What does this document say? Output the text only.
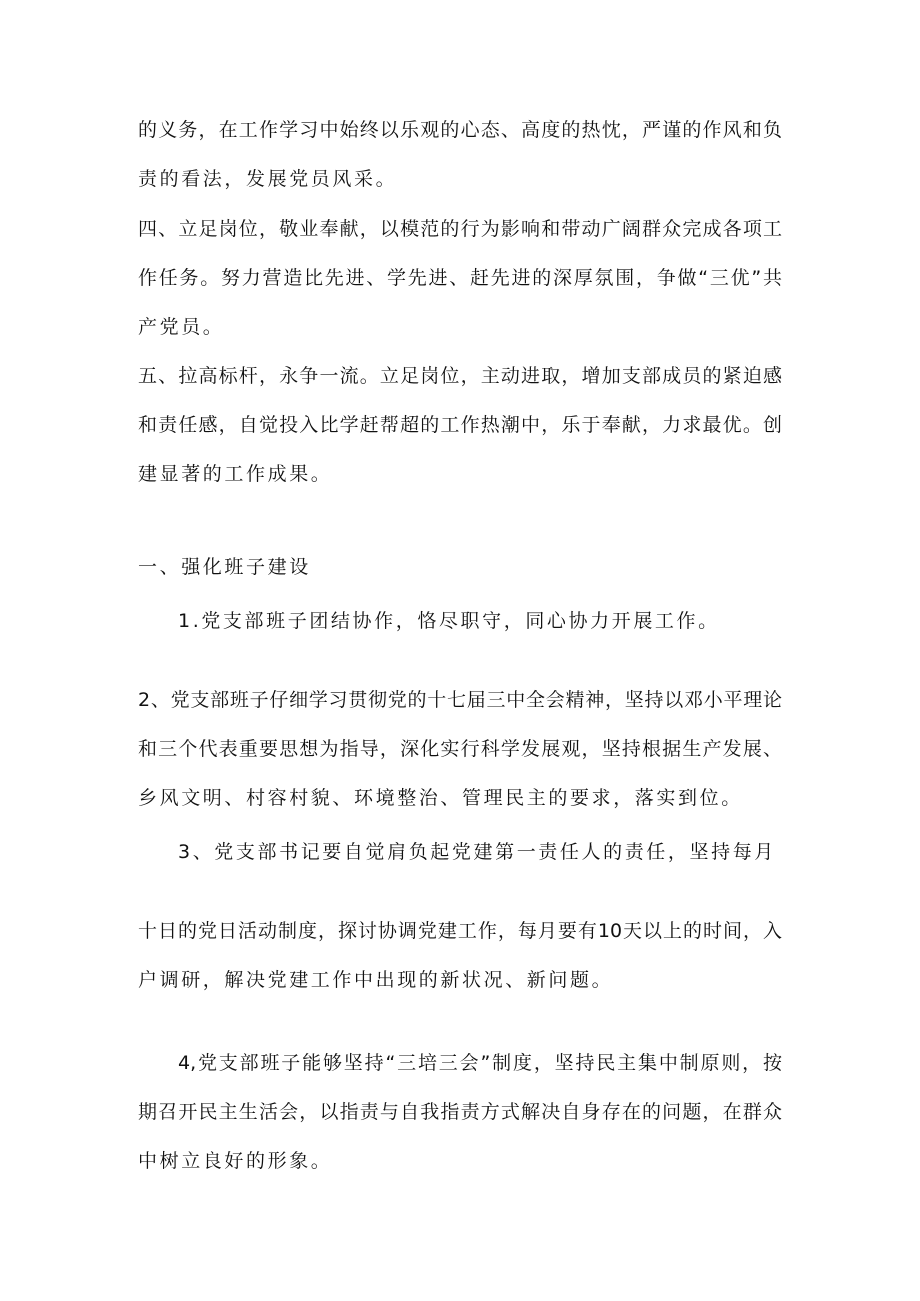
的义务，在工作学习中始终以乐观的心态、高度的热忱，严谨的作风和负
责的看法，发展党员风采。
四、立足岗位，敬业奉献，以模范的行为影响和带动广阔群众完成各项工
作任务。努力营造比先进、学先进、赶先进的深厚氛围，争做“三优”共
产党员。
五、拉高标杆，永争一流。立足岗位，主动进取，增加支部成员的紧迫感
和责任感，自觉投入比学赶帮超的工作热潮中，乐于奉献，力求最优。创
建显著的工作成果。
一、强化班子建设
1.党支部班子团结协作，恪尽职守，同心协力开展工作。
2、党支部班子仔细学习贯彻党的十七届三中全会精神，坚持以邓小平理论
和三个代表重要思想为指导，深化实行科学发展观，坚持根据生产发展、
乡风文明、村容村貌、环境整治、管理民主的要求，落实到位。
3、党支部书记要自觉肩负起党建第一责任人的责任，坚持每月
十日的党日活动制度，探讨协调党建工作，每月要有10天以上的时间，入
户调研，解决党建工作中出现的新状况、新问题。
4,党支部班子能够坚持“三培三会”制度，坚持民主集中制原则，按
期召开民主生活会，以指责与自我指责方式解决自身存在的问题，在群众
中树立良好的形象。
